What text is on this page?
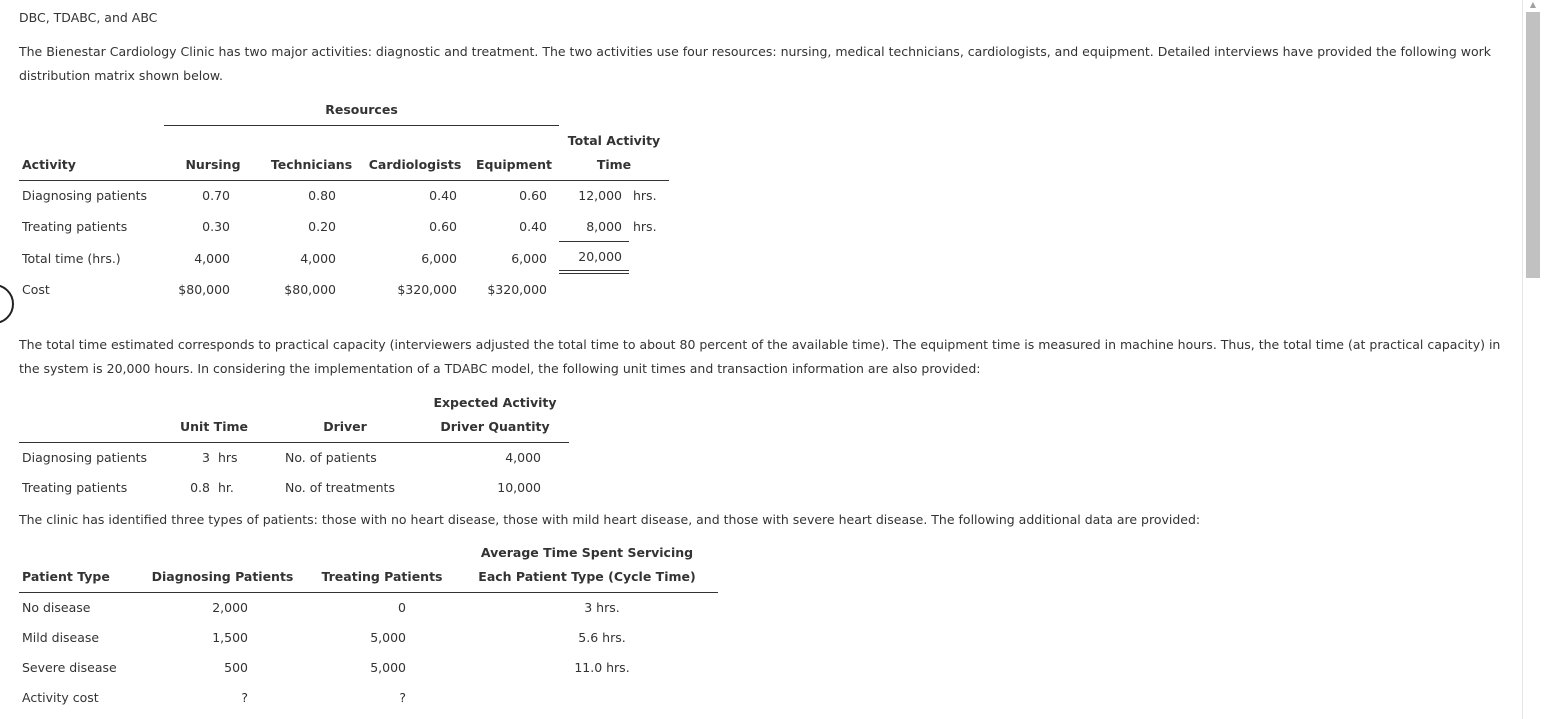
DBC, TDABC, and ABC
The Bienestar Cardiology Clinic has two major activities: diagnostic and treatment. The two activities use four resources: nursing, medical technicians, cardiologists, and equipment. Detailed interviews have provided the following work distribution matrix shown below.
Resources
Total Activity
Time
Activity	Nursing	Technicians	Cardiologists	Equipment
Diagnosing patients	0.70	0.80	0.40	0.60	12,000 hrs.
Treating patients	0.30	0.20	0.60	0.40	8,000 hrs.
Total time (hrs.)	4,000	4,000	6,000	6,000	20,000
Cost	$80,000	$80,000	$320,000	$320,000
The total time estimated corresponds to practical capacity (interviewers adjusted the total time to about 80 percent of the available time). The equipment time is measured in machine hours. Thus, the total time (at practical capacity) in the system is 20,000 hours. In considering the implementation of a TDABC model, the following unit times and transaction information are also provided:
Expected Activity
Unit Time	Driver	Driver Quantity
Diagnosing patients	3 hrs	No. of patients	4,000
Treating patients	0.8 hr.	No. of treatments	10,000
The clinic has identified three types of patients: those with no heart disease, those with mild heart disease, and those with severe heart disease. The following additional data are provided:
Average Time Spent Servicing
Patient Type	Diagnosing Patients	Treating Patients	Each Patient Type (Cycle Time)
No disease	2,000	0	3 hrs.
Mild disease	1,500	5,000	5.6 hrs.
Severe disease	500	5,000	11.0 hrs.
Activity cost	?	?
▲
